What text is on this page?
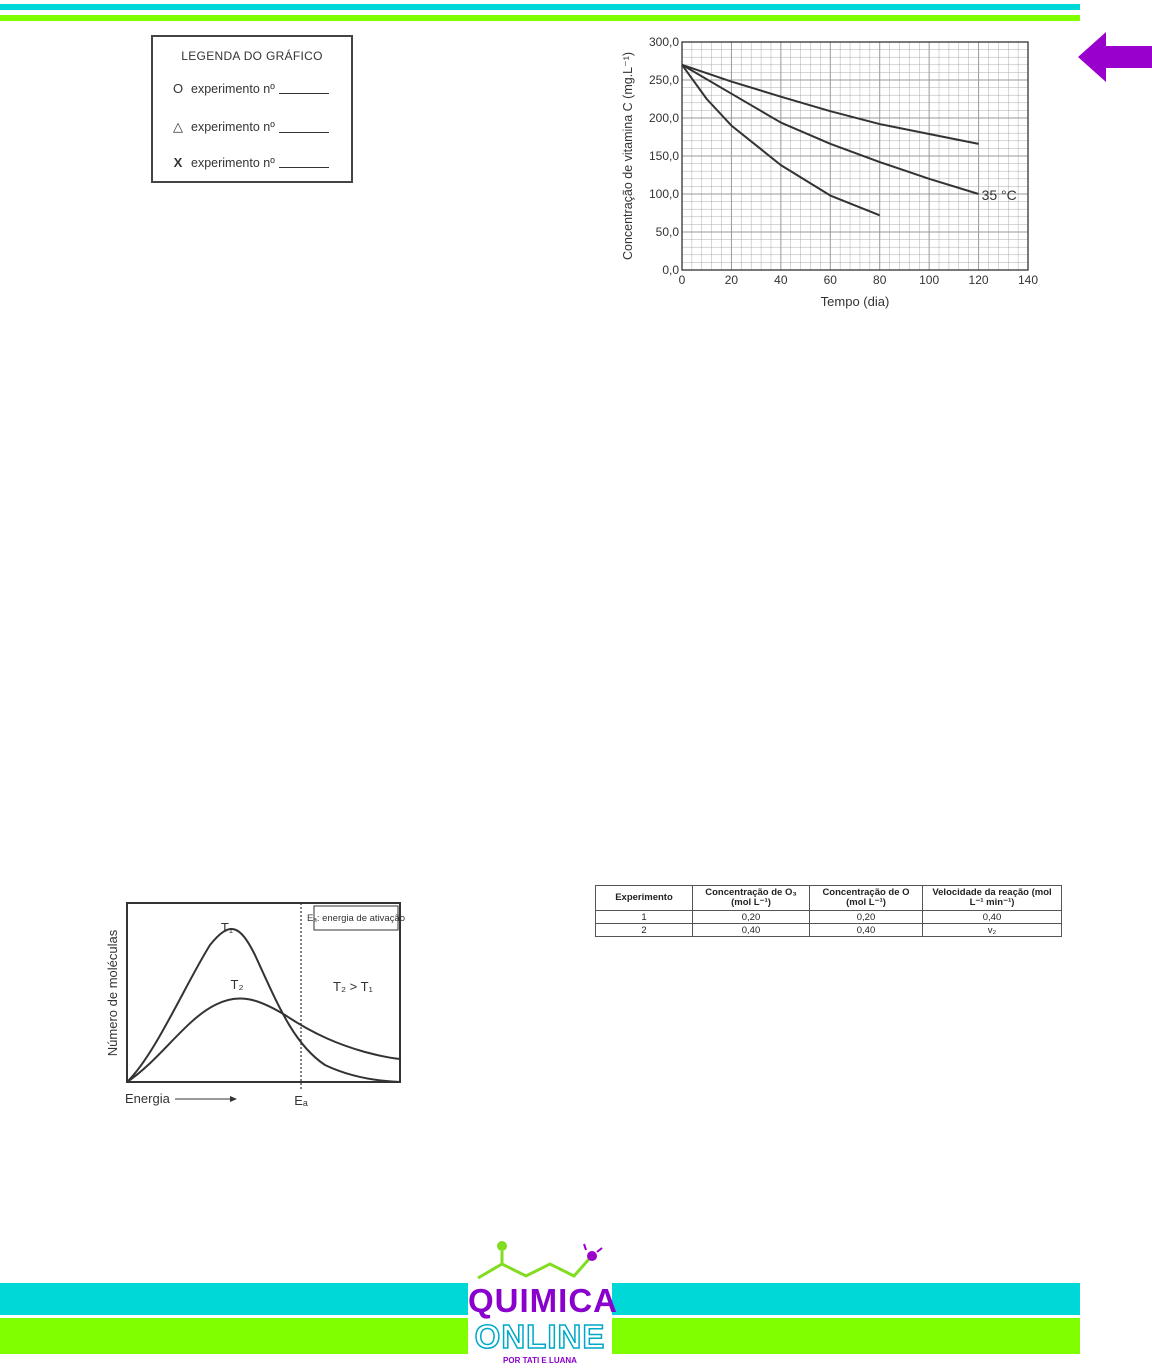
LEGENDA DO GRÁFICO
O experimento nº
△ experimento nº
X experimento nº
0	20	40	60	80	100 120 140
0,0
50,0
100,0
150,0
200,0
250,0
300,0
35 °C
Tempo (dia)
Concentração de vitamina C (mg.L⁻¹)
Eₐ: energia de ativação
T₁
T₂	T₂ > T₁
Número de moléculas
Energia	Eₐ
Experimento	Concentração de O₃ (mol L⁻¹)	Concentração de O (mol L⁻¹)	Velocidade da reação (mol L⁻¹ min⁻¹)
1	0,20	0,20	0,40
2	0,40	0,40	v₂
QUIMICA
ONLINE
POR TATI E LUANA
